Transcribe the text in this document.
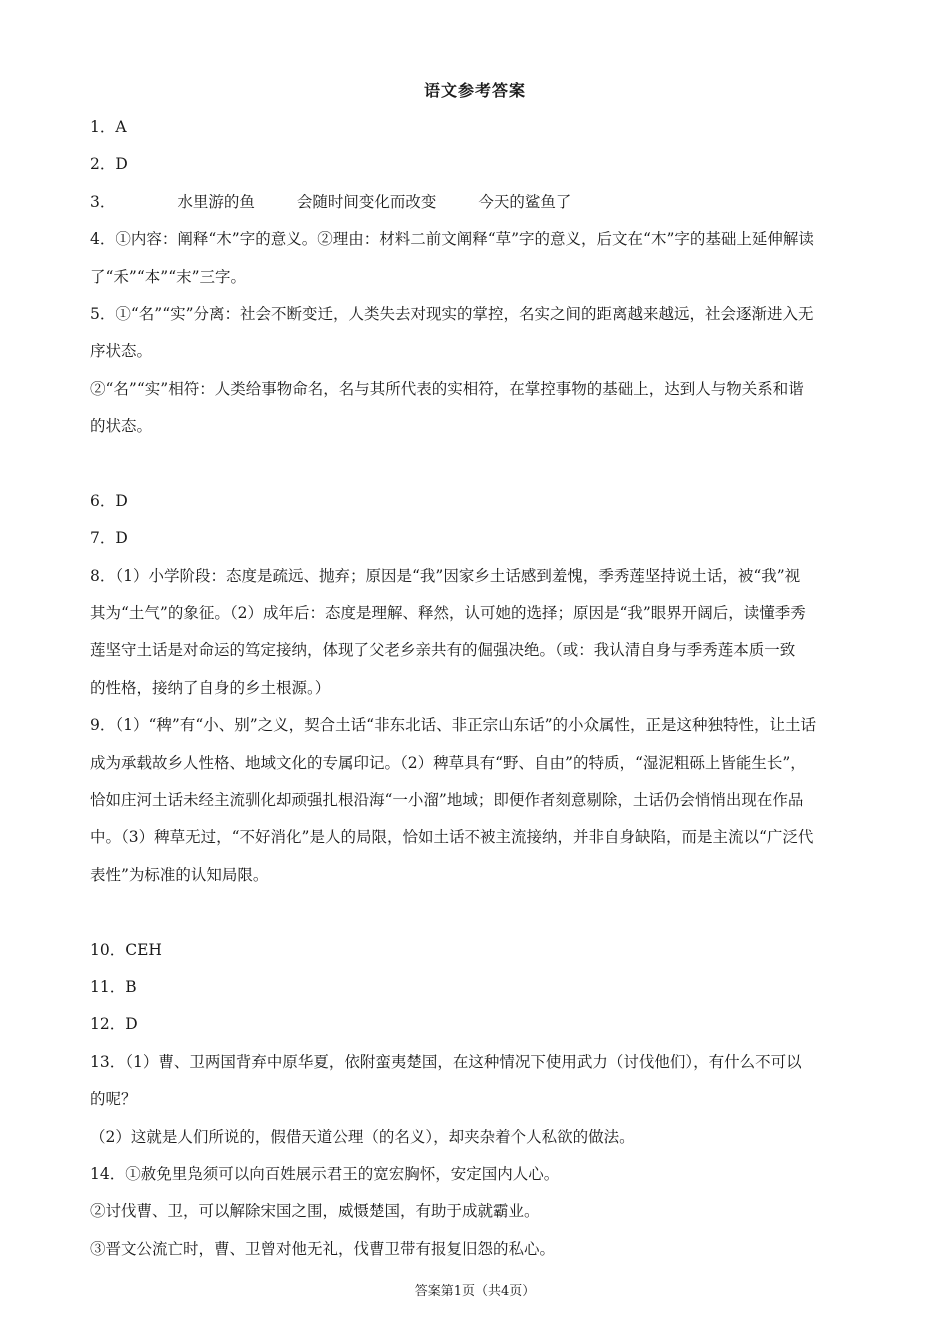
语文参考答案
1．A
2．D
3．	水里游的鱼	会随时间变化而改变	今天的鲨鱼了
4．①内容：阐释“木”字的意义。②理由：材料二前文阐释“草”字的意义，后文在“木”字的基础上延伸解读
了“禾”“本”“末”三字。
5．①“名”“实”分离：社会不断变迁，人类失去对现实的掌控，名实之间的距离越来越远，社会逐渐进入无
序状态。
②“名”“实”相符：人类给事物命名，名与其所代表的实相符，在掌控事物的基础上，达到人与物关系和谐
的状态。
6．D
7．D
8．（1）小学阶段：态度是疏远、抛弃；原因是“我”因家乡土话感到羞愧，季秀莲坚持说土话，被“我”视
其为“土气”的象征。（2）成年后：态度是理解、释然，认可她的选择；原因是“我”眼界开阔后，读懂季秀
莲坚守土话是对命运的笃定接纳，体现了父老乡亲共有的倔强决绝。（或：我认清自身与季秀莲本质一致
的性格，接纳了自身的乡土根源。）
9．（1）“稗”有“小、别”之义，契合土话“非东北话、非正宗山东话”的小众属性，正是这种独特性，让土话
成为承载故乡人性格、地域文化的专属印记。（2）稗草具有“野、自由”的特质，“湿泥粗砾上皆能生长”，
恰如庄河土话未经主流驯化却顽强扎根沿海“一小溜”地域；即便作者刻意剔除，土话仍会悄悄出现在作品
中。（3）稗草无过，“不好消化”是人的局限，恰如土话不被主流接纳，并非自身缺陷，而是主流以“广泛代
表性”为标准的认知局限。
10．CEH
11．B
12．D
13．（1）曹、卫两国背弃中原华夏，依附蛮夷楚国，在这种情况下使用武力（讨伐他们），有什么不可以
的呢？
（2）这就是人们所说的，假借天道公理（的名义），却夹杂着个人私欲的做法。
14．①赦免里凫须可以向百姓展示君王的宽宏胸怀，安定国内人心。
②讨伐曹、卫，可以解除宋国之围，威慑楚国，有助于成就霸业。
③晋文公流亡时，曹、卫曾对他无礼，伐曹卫带有报复旧怨的私心。
答案第1页（共4页）
